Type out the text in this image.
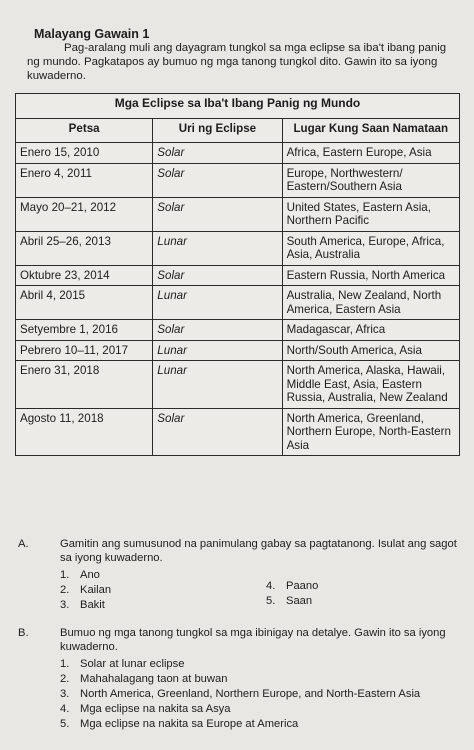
Malayang Gawain 1

Pag-aralang muli ang dayagram tungkol sa mga eclipse sa iba't ibang panig

ng mundo. Pagkatapos ay bumuo ng mga tanong tungkol dito. Gawin ito sa iyong

kuwaderno.

Mga Eclipse sa Iba't Ibang Panig ng Mundo		
Petsa	Uri ng Eclipse	Lugar Kung Saan Namataan
Enero 15, 2010	Solar	Africa, Eastern Europe, Asia
Enero 4, 2011	Solar	Europe, Northwestern/ Eastern/Southern Asia
Mayo 20–21, 2012	Solar	United States, Eastern Asia, Northern Pacific
Abril 25–26, 2013	Lunar	South America, Europe, Africa, Asia, Australia
Oktubre 23, 2014	Solar	Eastern Russia, North America
Abril 4, 2015	Lunar	Australia, New Zealand, North America, Eastern Asia
Setyembre 1, 2016	Solar	Madagascar, Africa
Pebrero 10–11, 2017	Lunar	North/South America, Asia
Enero 31, 2018	Lunar	North America, Alaska, Hawaii, Middle East, Asia, Eastern Russia, Australia, New Zealand
Agosto 11, 2018	Solar	North America, Greenland, Northern Europe, North-Eastern Asia
A.	Gamitin ang sumusunod na panimulang gabay sa pagtatanong. Isulat ang sagot sa iyong kuwaderno.
1. Ano
2. Kailan
3. Bakit
4. Paano
5. Saan
B.	Bumuo ng mga tanong tungkol sa mga ibinigay na detalye. Gawin ito sa iyong kuwaderno.
1. Solar at lunar eclipse
2. Mahahalagang taon at buwan
3. North America, Greenland, Northern Europe, and North-Eastern Asia
4. Mga eclipse na nakita sa Asya
5. Mga eclipse na nakita sa Europe at America
